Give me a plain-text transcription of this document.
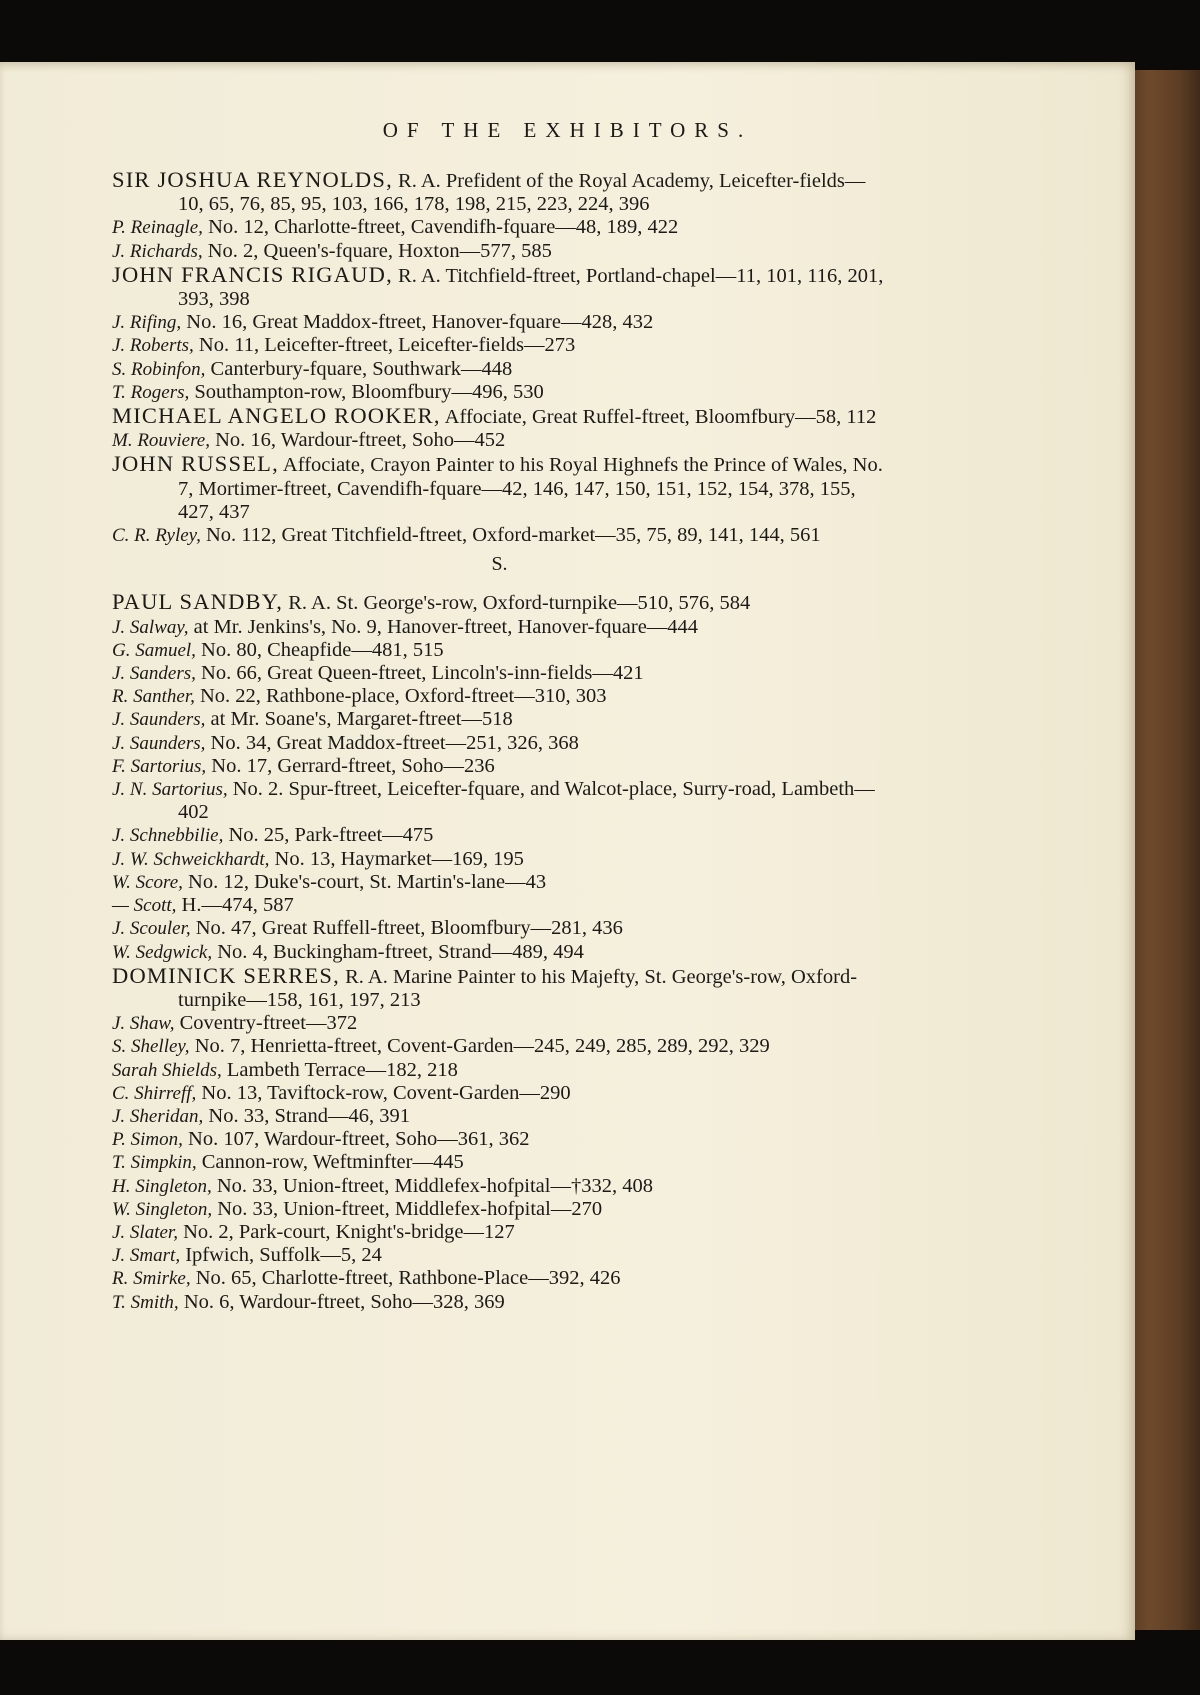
OF THE EXHIBITORS.
SIR JOSHUA REYNOLDS, R. A. Prefident of the Royal Academy, Leicefter-fields—10, 65, 76, 85, 95, 103, 166, 178, 198, 215, 223, 224, 396
P. Reinagle, No. 12, Charlotte-ftreet, Cavendifh-fquare—48, 189, 422
J. Richards, No. 2, Queen's-fquare, Hoxton—577, 585
JOHN FRANCIS RIGAUD, R. A. Titchfield-ftreet, Portland-chapel—11, 101, 116, 201, 393, 398
J. Rifing, No. 16, Great Maddox-ftreet, Hanover-fquare—428, 432
J. Roberts, No. 11, Leicefter-ftreet, Leicefter-fields—273
S. Robinfon, Canterbury-fquare, Southwark—448
T. Rogers, Southampton-row, Bloomfbury—496, 530
MICHAEL ANGELO ROOKER, Affociate, Great Ruffel-ftreet, Bloomfbury—58, 112
M. Rouviere, No. 16, Wardour-ftreet, Soho—452
JOHN RUSSEL, Affociate, Crayon Painter to his Royal Highnefs the Prince of Wales, No. 7, Mortimer-ftreet, Cavendifh-fquare—42, 146, 147, 150, 151, 152, 154, 378, 155, 427, 437
C. R. Ryley, No. 112, Great Titchfield-ftreet, Oxford-market—35, 75, 89, 141, 144, 561
S.
PAUL SANDBY, R. A. St. George's-row, Oxford-turnpike—510, 576, 584
J. Salway, at Mr. Jenkins's, No. 9, Hanover-ftreet, Hanover-fquare—444
G. Samuel, No. 80, Cheapfide—481, 515
J. Sanders, No. 66, Great Queen-ftreet, Lincoln's-inn-fields—421
R. Santher, No. 22, Rathbone-place, Oxford-ftreet—310, 303
J. Saunders, at Mr. Soane's, Margaret-ftreet—518
J. Saunders, No. 34, Great Maddox-ftreet—251, 326, 368
F. Sartorius, No. 17, Gerrard-ftreet, Soho—236
J. N. Sartorius, No. 2. Spur-ftreet, Leicefter-fquare, and Walcot-place, Surry-road, Lambeth—402
J. Schnebbilie, No. 25, Park-ftreet—475
J. W. Schweickhardt, No. 13, Haymarket—169, 195
W. Score, No. 12, Duke's-court, St. Martin's-lane—43
— Scott, H.—474, 587
J. Scouler, No. 47, Great Ruffell-ftreet, Bloomfbury—281, 436
W. Sedgwick, No. 4, Buckingham-ftreet, Strand—489, 494
DOMINICK SERRES, R. A. Marine Painter to his Majefty, St. George's-row, Oxford-turnpike—158, 161, 197, 213
J. Shaw, Coventry-ftreet—372
S. Shelley, No. 7, Henrietta-ftreet, Covent-Garden—245, 249, 285, 289, 292, 329
Sarah Shields, Lambeth Terrace—182, 218
C. Shirreff, No. 13, Taviftock-row, Covent-Garden—290
J. Sheridan, No. 33, Strand—46, 391
P. Simon, No. 107, Wardour-ftreet, Soho—361, 362
T. Simpkin, Cannon-row, Weftminfter—445
H. Singleton, No. 33, Union-ftreet, Middlefex-hofpital—†332, 408
W. Singleton, No. 33, Union-ftreet, Middlefex-hofpital—270
J. Slater, No. 2, Park-court, Knight's-bridge—127
J. Smart, Ipfwich, Suffolk—5, 24
R. Smirke, No. 65, Charlotte-ftreet, Rathbone-Place—392, 426
T. Smith, No. 6, Wardour-ftreet, Soho—328, 369
